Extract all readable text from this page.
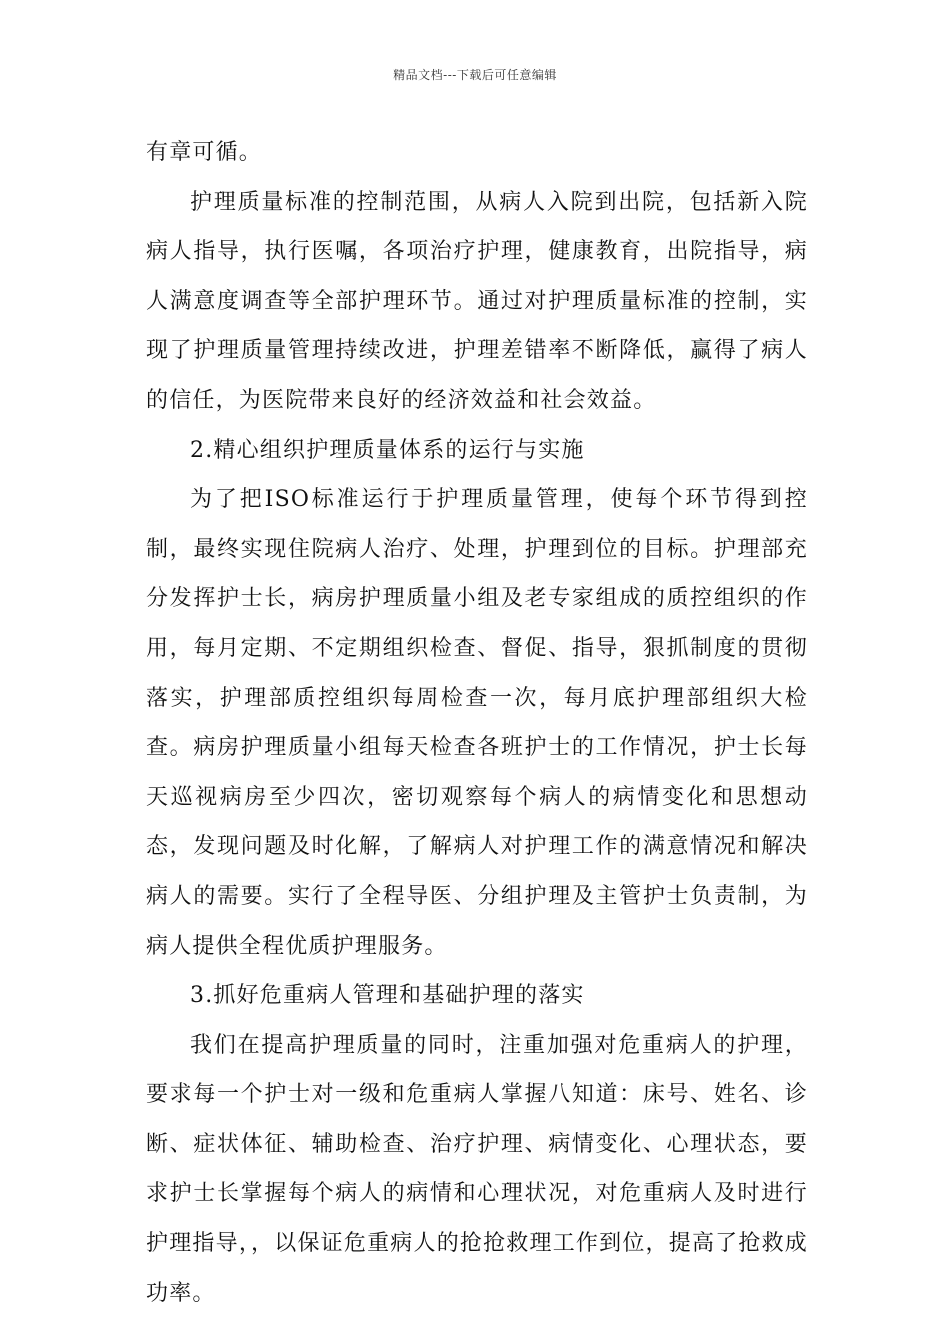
精品文档---下载后可任意编辑

有章可循。

护理质量标准的控制范围，从病人入院到出院，包括新入院病人指导，执行医嘱，各项治疗护理，健康教育，出院指导，病人满意度调查等全部护理环节。通过对护理质量标准的控制，实现了护理质量管理持续改进，护理差错率不断降低，赢得了病人的信任，为医院带来良好的经济效益和社会效益。

2.精心组织护理质量体系的运行与实施

为了把ISO标准运行于护理质量管理，使每个环节得到控制，最终实现住院病人治疗、处理，护理到位的目标。护理部充分发挥护士长，病房护理质量小组及老专家组成的质控组织的作用，每月定期、不定期组织检查、督促、指导，狠抓制度的贯彻落实，护理部质控组织每周检查一次，每月底护理部组织大检查。病房护理质量小组每天检查各班护士的工作情况，护士长每天巡视病房至少四次，密切观察每个病人的病情变化和思想动态，发现问题及时化解，了解病人对护理工作的满意情况和解决病人的需要。实行了全程导医、分组护理及主管护士负责制，为病人提供全程优质护理服务。

3.抓好危重病人管理和基础护理的落实

我们在提高护理质量的同时，注重加强对危重病人的护理，要求每一个护士对一级和危重病人掌握八知道：床号、姓名、诊断、症状体征、辅助检查、治疗护理、病情变化、心理状态，要求护士长掌握每个病人的病情和心理状况，对危重病人及时进行护理指导，，以保证危重病人的抢抢救理工作到位，提高了抢救成功率。
